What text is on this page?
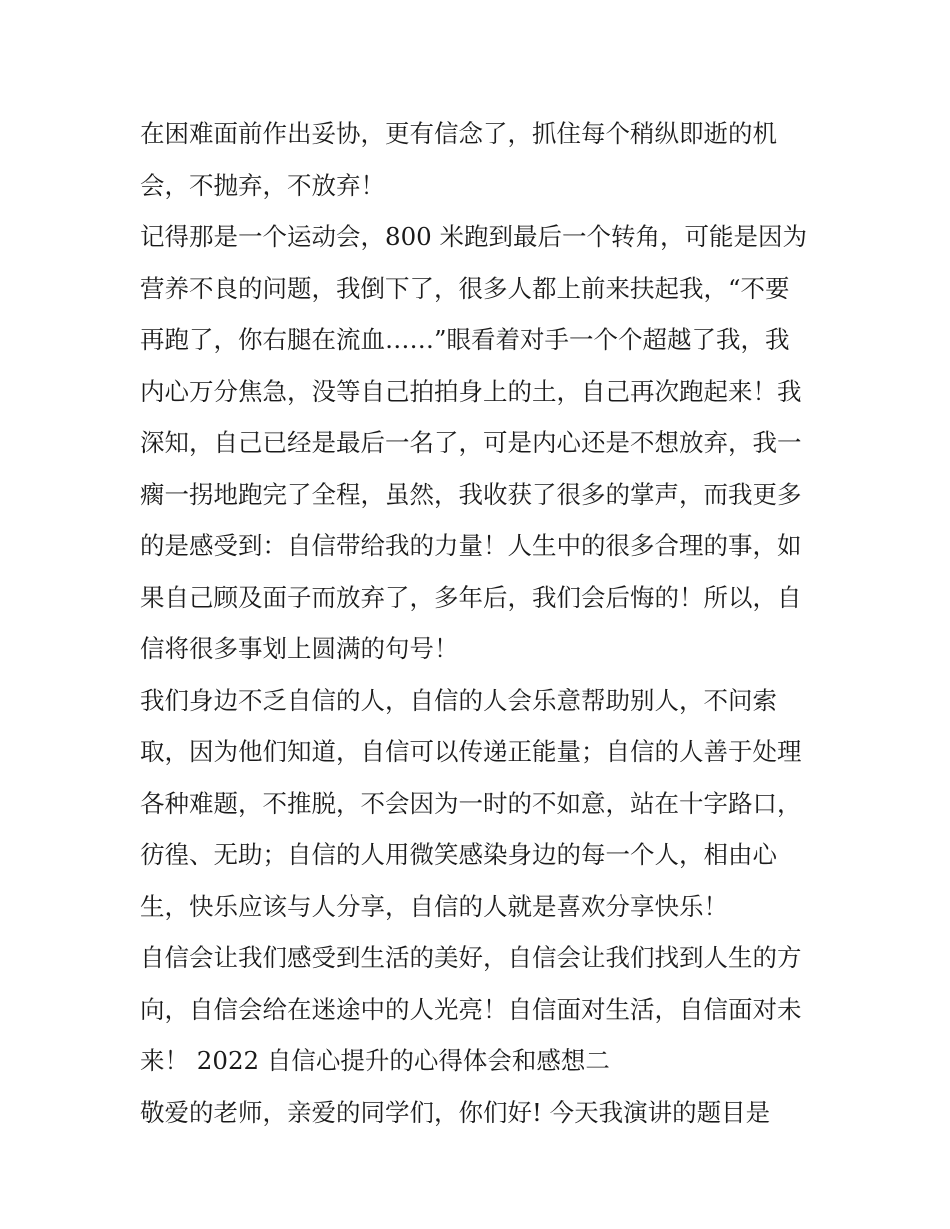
在困难面前作出妥协，更有信念了，抓住每个稍纵即逝的机
会，不抛弃，不放弃！
记得那是一个运动会，800 米跑到最后一个转角，可能是因为
营养不良的问题，我倒下了，很多人都上前来扶起我，“不要
再跑了，你右腿在流血……”眼看着对手一个个超越了我，我
内心万分焦急，没等自己拍拍身上的土，自己再次跑起来！我
深知，自己已经是最后一名了，可是内心还是不想放弃，我一
瘸一拐地跑完了全程，虽然，我收获了很多的掌声，而我更多
的是感受到：自信带给我的力量！人生中的很多合理的事，如
果自己顾及面子而放弃了，多年后，我们会后悔的！所以，自
信将很多事划上圆满的句号！
我们身边不乏自信的人，自信的人会乐意帮助别人，不问索
取，因为他们知道，自信可以传递正能量；自信的人善于处理
各种难题，不推脱，不会因为一时的不如意，站在十字路口，
彷徨、无助；自信的人用微笑感染身边的每一个人，相由心
生，快乐应该与人分享，自信的人就是喜欢分享快乐！
自信会让我们感受到生活的美好，自信会让我们找到人生的方
向，自信会给在迷途中的人光亮！自信面对生活，自信面对未
来！ 2022 自信心提升的心得体会和感想二
敬爱的老师，亲爱的同学们，你们好! 今天我演讲的题目是
